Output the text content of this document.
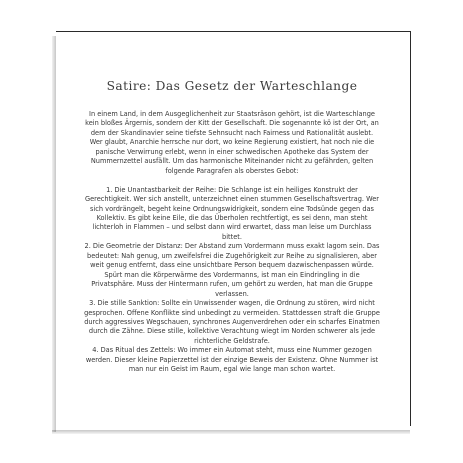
Satire: Das Gesetz der Warteschlange

In einem Land, in dem Ausgeglichenheit zur Staatsräson gehört, ist die Warteschlange kein bloßes Ärgernis, sondern der Kitt der Gesellschaft. Die sogenannte kö ist der Ort, an dem der Skandinavier seine tiefste Sehnsucht nach Fairness und Rationalität auslebt. Wer glaubt, Anarchie herrsche nur dort, wo keine Regierung existiert, hat noch nie die panische Verwirrung erlebt, wenn in einer schwedischen Apotheke das System der Nummernzettel ausfällt. Um das harmonische Miteinander nicht zu gefährden, gelten folgende Paragrafen als oberstes Gebot:

1. Die Unantastbarkeit der Reihe: Die Schlange ist ein heiliges Konstrukt der Gerechtigkeit. Wer sich anstellt, unterzeichnet einen stummen Gesellschaftsvertrag. Wer sich vordrängelt, begeht keine Ordnungswidrigkeit, sondern eine Todsünde gegen das Kollektiv. Es gibt keine Eile, die das Überholen rechtfertigt, es sei denn, man steht lichterloh in Flammen – und selbst dann wird erwartet, dass man leise um Durchlass bittet.

2. Die Geometrie der Distanz: Der Abstand zum Vordermann muss exakt lagom sein. Das bedeutet: Nah genug, um zweifelsfrei die Zugehörigkeit zur Reihe zu signalisieren, aber weit genug entfernt, dass eine unsichtbare Person bequem dazwischenpassen würde. Spürt man die Körperwärme des Vordermanns, ist man ein Eindringling in die Privatsphäre. Muss der Hintermann rufen, um gehört zu werden, hat man die Gruppe verlassen.

3. Die stille Sanktion: Sollte ein Unwissender wagen, die Ordnung zu stören, wird nicht gesprochen. Offene Konflikte sind unbedingt zu vermeiden. Stattdessen straft die Gruppe durch aggressives Wegschauen, synchrones Augenverdrehen oder ein scharfes Einatmen durch die Zähne. Diese stille, kollektive Verachtung wiegt im Norden schwerer als jede richterliche Geldstrafe.

4. Das Ritual des Zettels: Wo immer ein Automat steht, muss eine Nummer gezogen werden. Dieser kleine Papierzettel ist der einzige Beweis der Existenz. Ohne Nummer ist man nur ein Geist im Raum, egal wie lange man schon wartet.
